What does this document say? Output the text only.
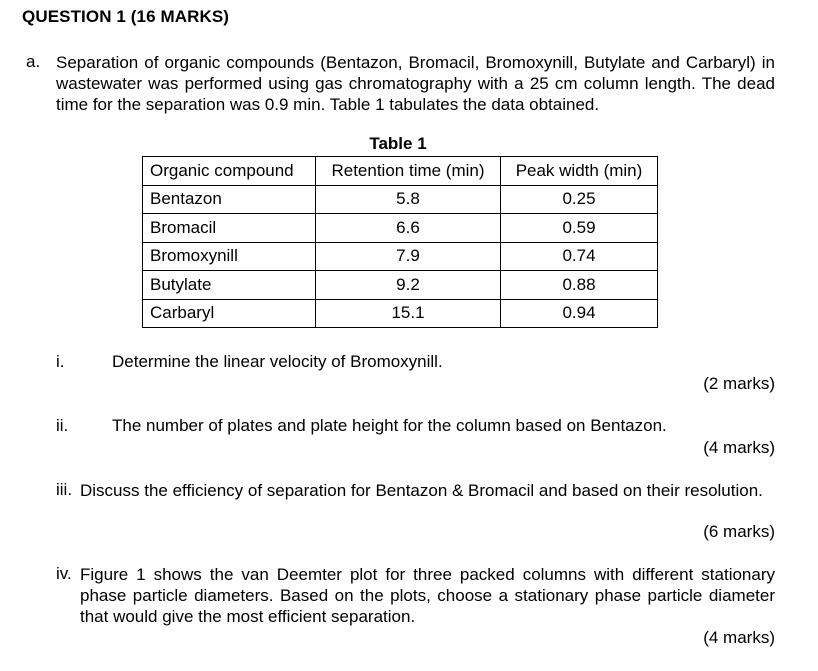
QUESTION 1 (16 MARKS)
a. Separation of organic compounds (Bentazon, Bromacil, Bromoxynill, Butylate and Carbaryl) in wastewater was performed using gas chromatography with a 25 cm column length. The dead time for the separation was 0.9 min. Table 1 tabulates the data obtained.
Table 1
Organic compound	Retention time (min)	Peak width (min)
Bentazon	5.8	0.25
Bromacil	6.6	0.59
Bromoxynill	7.9	0.74
Butylate	9.2	0.88
Carbaryl	15.1	0.94
i.	Determine the linear velocity of Bromoxynill.
(2 marks)
ii.	The number of plates and plate height for the column based on Bentazon.
(4 marks)
iii. Discuss the efficiency of separation for Bentazon & Bromacil and based on their resolution.
(6 marks)
iv. Figure 1 shows the van Deemter plot for three packed columns with different stationary phase particle diameters. Based on the plots, choose a stationary phase particle diameter that would give the most efficient separation.
(4 marks)
